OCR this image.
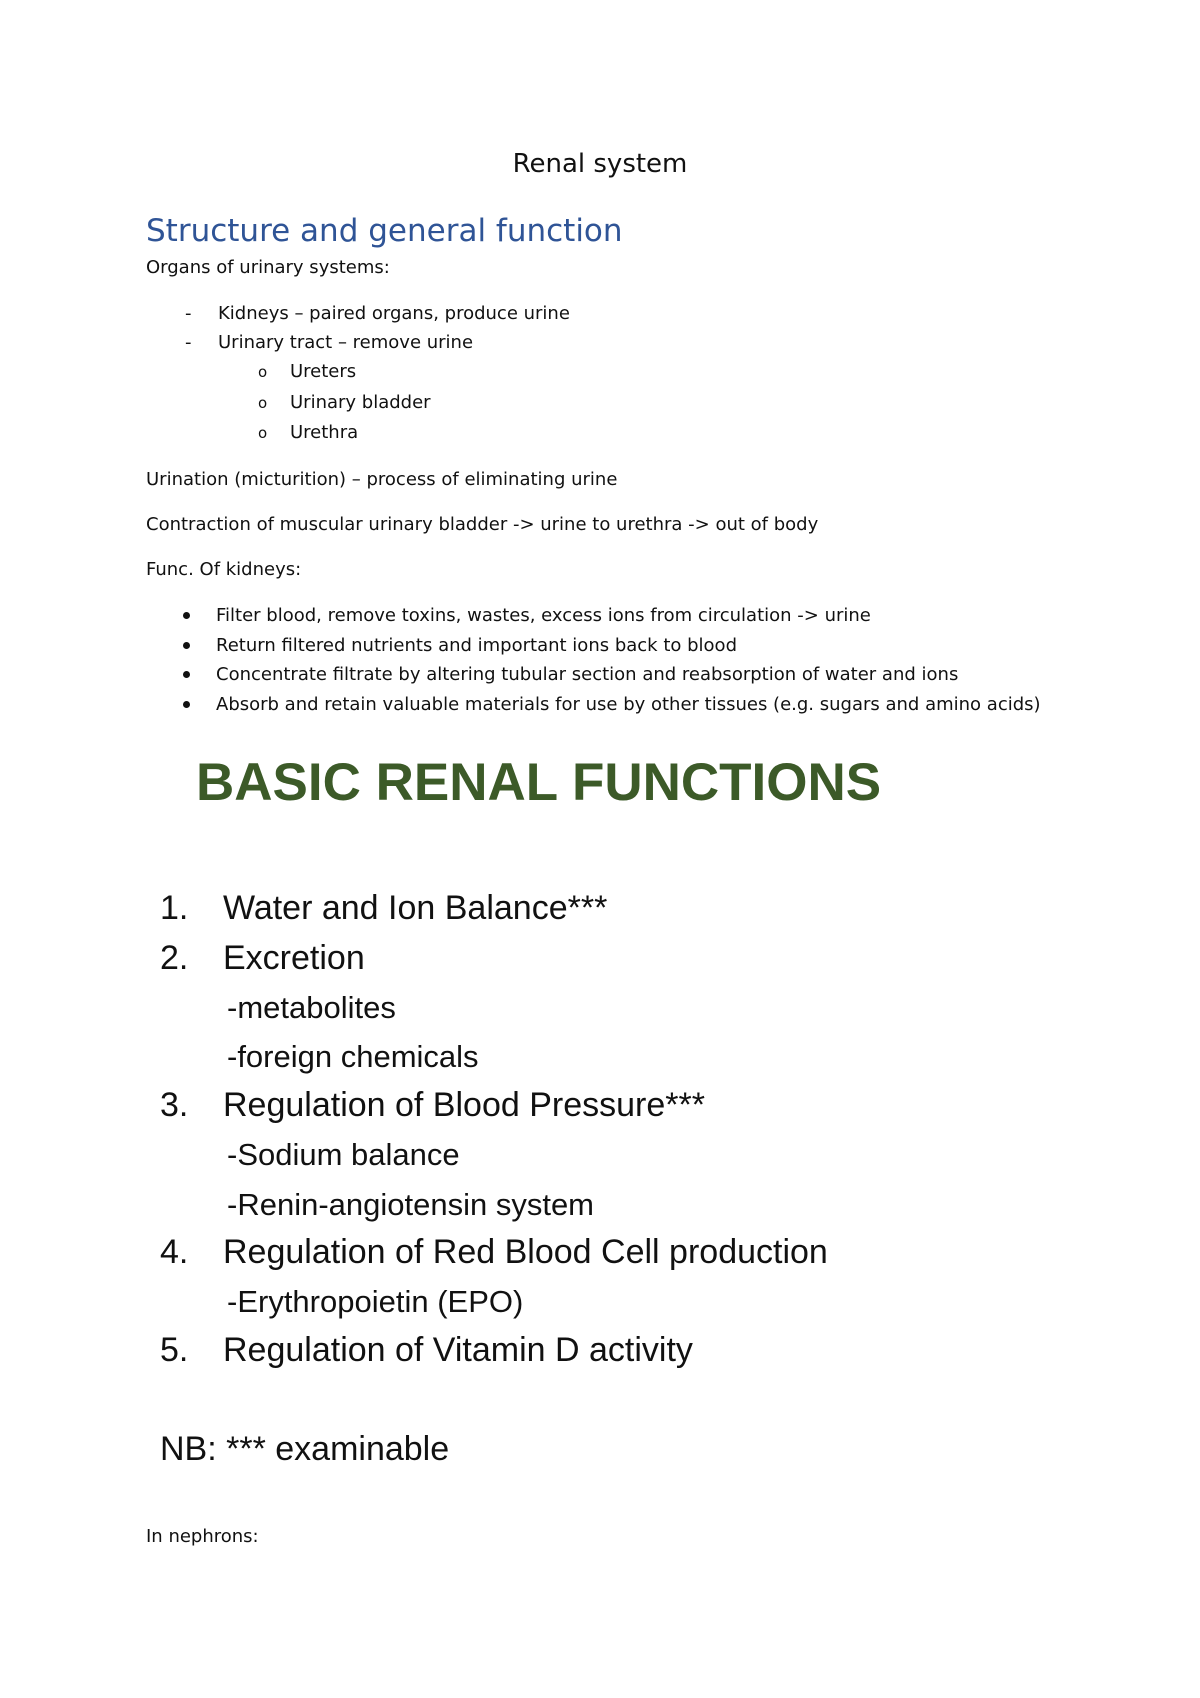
Renal system
Structure and general function
Organs of urinary systems:
-	Kidneys – paired organs, produce urine
-	Urinary tract – remove urine
o Ureters
o Urinary bladder
o Urethra
Urination (micturition) – process of eliminating urine
Contraction of muscular urinary bladder -> urine to urethra -> out of body
Func. Of kidneys:
Filter blood, remove toxins, wastes, excess ions from circulation -> urine
Return filtered nutrients and important ions back to blood
Concentrate filtrate by altering tubular section and reabsorption of water and ions
Absorb and retain valuable materials for use by other tissues (e.g. sugars and amino acids)
BASIC RENAL FUNCTIONS
1. Water and Ion Balance***
2. Excretion
-metabolites
-foreign chemicals
3. Regulation of Blood Pressure***
-Sodium balance
-Renin-angiotensin system
4. Regulation of Red Blood Cell production
-Erythropoietin (EPO)
5. Regulation of Vitamin D activity
NB: *** examinable
In nephrons:
